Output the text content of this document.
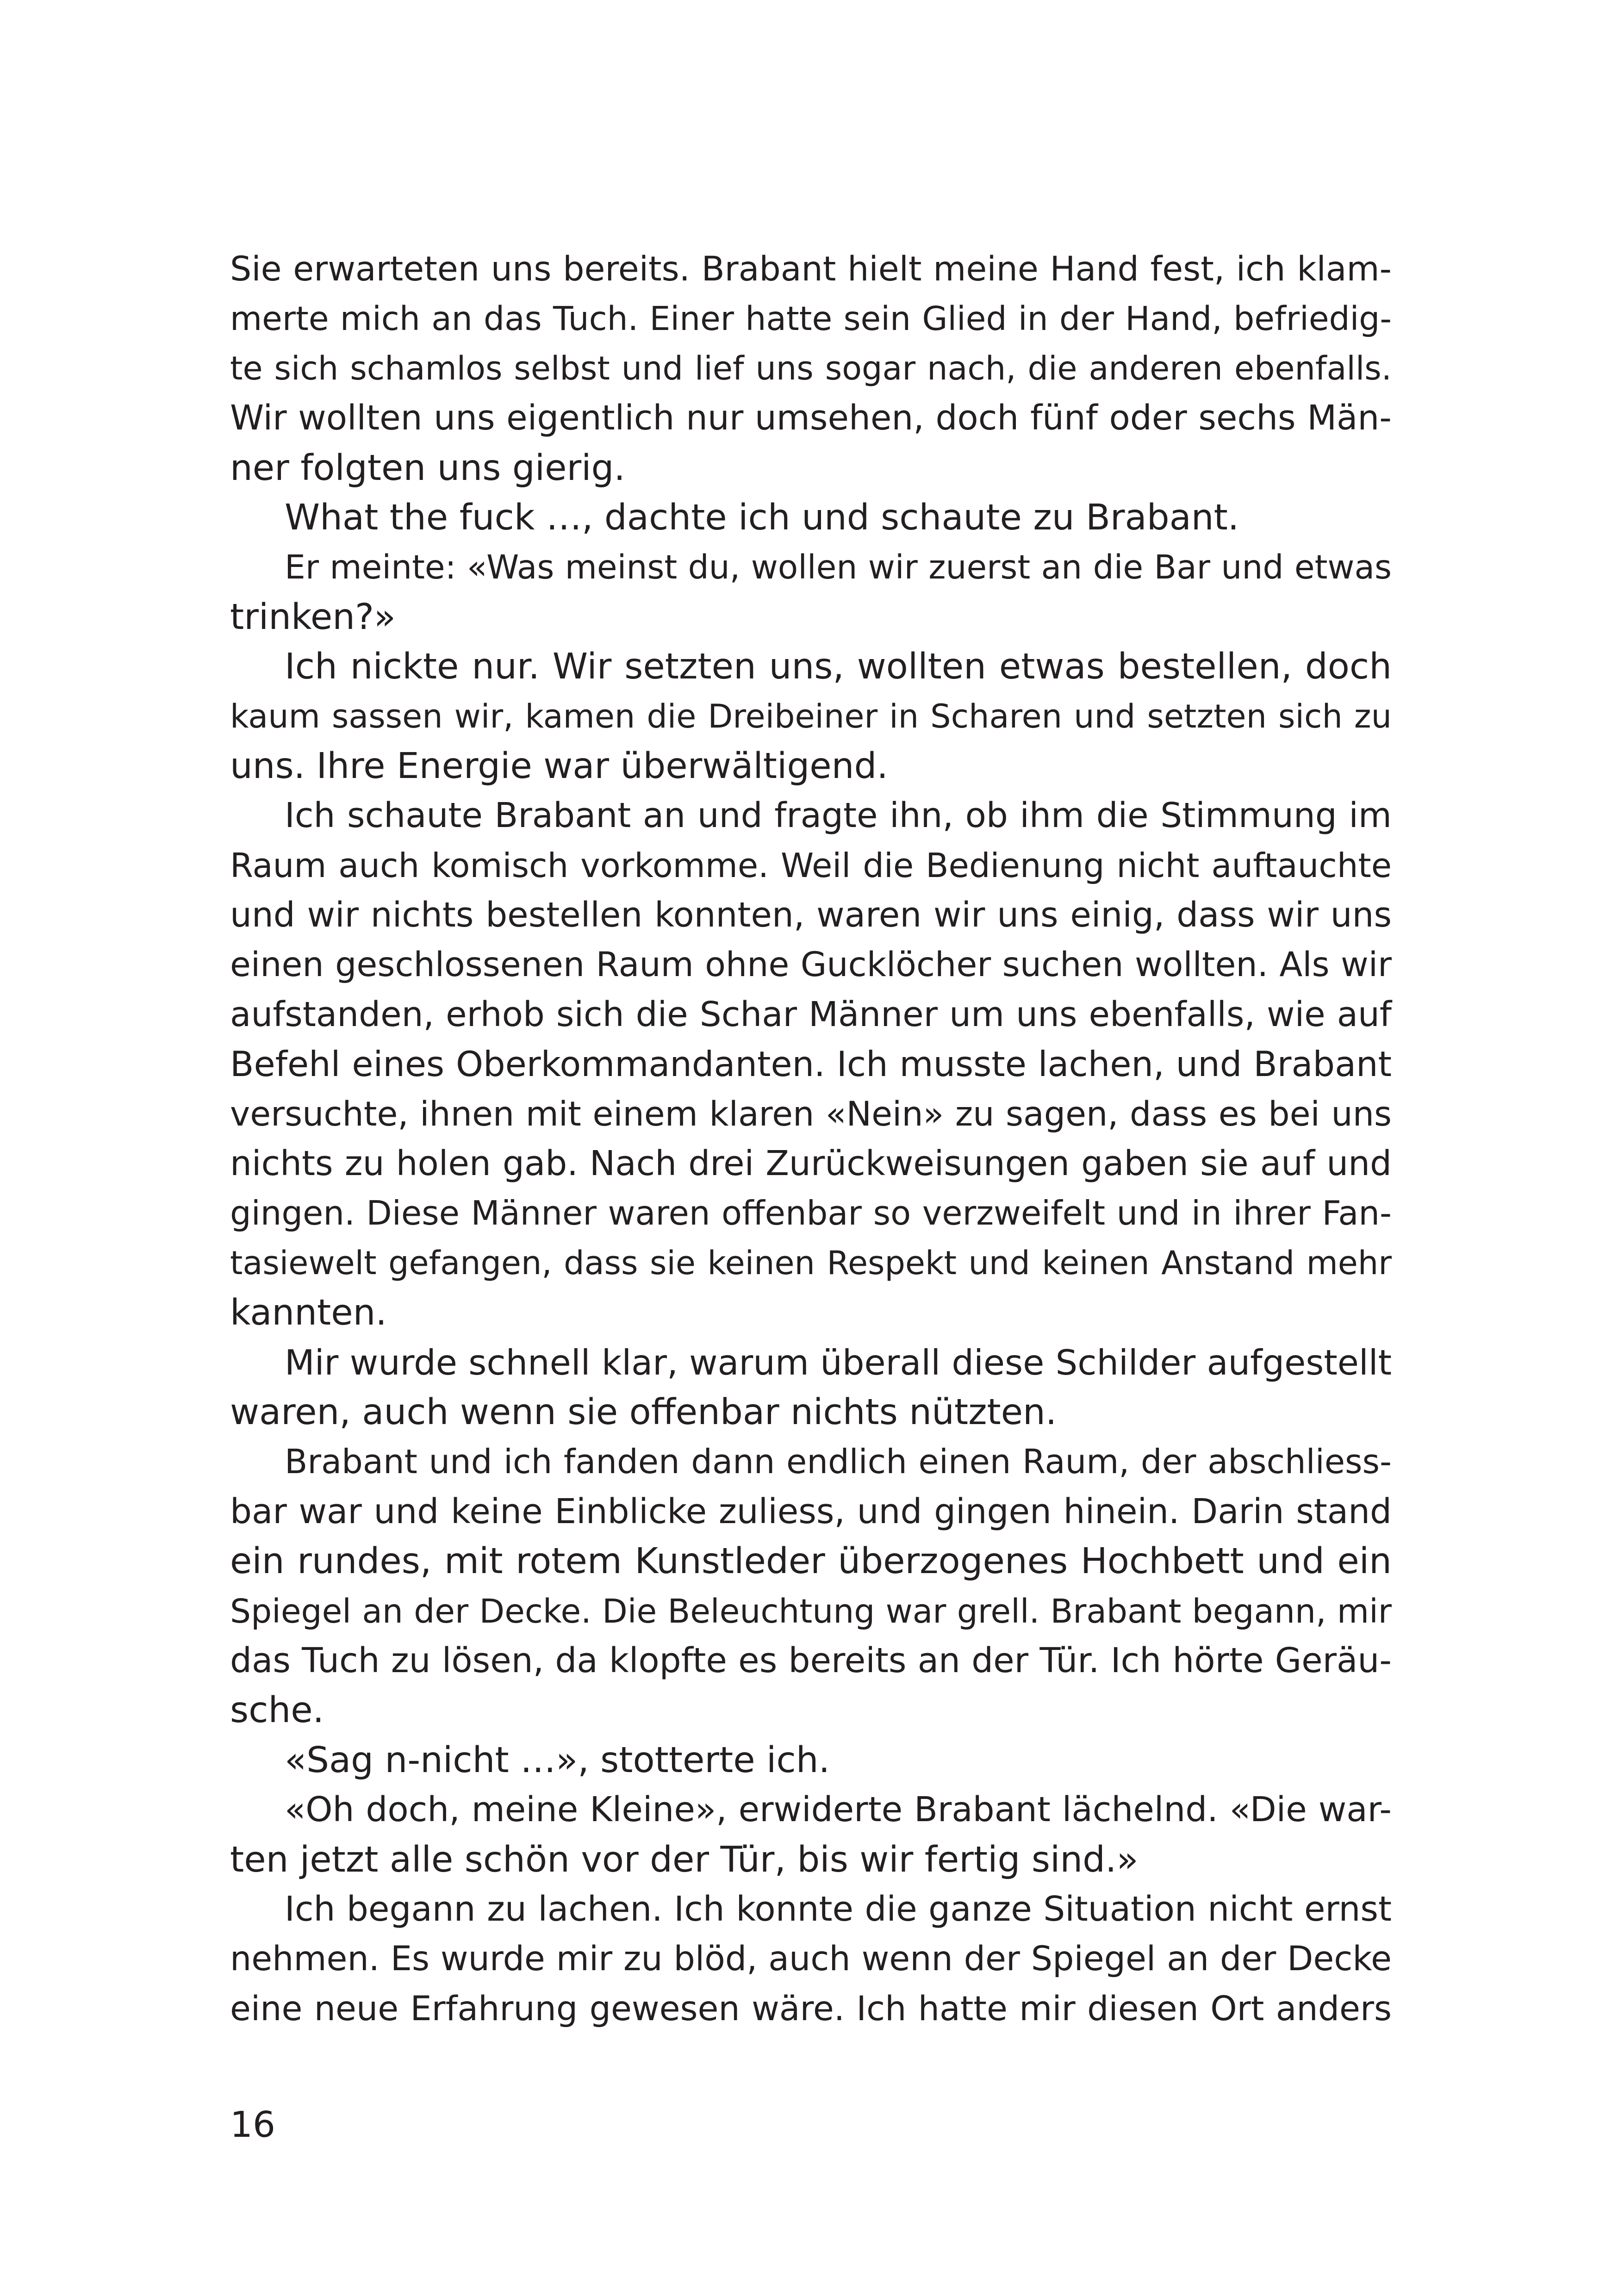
Sie erwarteten uns bereits. Brabant hielt meine Hand fest, ich klam-
merte mich an das Tuch. Einer hatte sein Glied in der Hand, befriedig-
te sich schamlos selbst und lief uns sogar nach, die anderen ebenfalls.
Wir wollten uns eigentlich nur umsehen, doch fünf oder sechs Män-
ner folgten uns gierig.
What the fuck …, dachte ich und schaute zu Brabant.
Er meinte: «Was meinst du, wollen wir zuerst an die Bar und etwas
trinken?»
Ich nickte nur. Wir setzten uns, wollten etwas bestellen, doch
kaum sassen wir, kamen die Dreibeiner in Scharen und setzten sich zu
uns. Ihre Energie war überwältigend.
Ich schaute Brabant an und fragte ihn, ob ihm die Stimmung im
Raum auch komisch vorkomme. Weil die Bedienung nicht auftauchte
und wir nichts bestellen konnten, waren wir uns einig, dass wir uns
einen geschlossenen Raum ohne Gucklöcher suchen wollten. Als wir
aufstanden, erhob sich die Schar Männer um uns ebenfalls, wie auf
Befehl eines Oberkommandanten. Ich musste lachen, und Brabant
versuchte, ihnen mit einem klaren «Nein» zu sagen, dass es bei uns
nichts zu holen gab. Nach drei Zurückweisungen gaben sie auf und
gingen. Diese Männer waren offenbar so verzweifelt und in ihrer Fan-
tasiewelt gefangen, dass sie keinen Respekt und keinen Anstand mehr
kannten.
Mir wurde schnell klar, warum überall diese Schilder aufgestellt
waren, auch wenn sie offenbar nichts nützten.
Brabant und ich fanden dann endlich einen Raum, der abschliess-
bar war und keine Einblicke zuliess, und gingen hinein. Darin stand
ein rundes, mit rotem Kunstleder überzogenes Hochbett und ein
Spiegel an der Decke. Die Beleuchtung war grell. Brabant begann, mir
das Tuch zu lösen, da klopfte es bereits an der Tür. Ich hörte Geräu-
sche.
«Sag n-nicht …», stotterte ich.
«Oh doch, meine Kleine», erwiderte Brabant lächelnd. «Die war-
ten jetzt alle schön vor der Tür, bis wir fertig sind.»
Ich begann zu lachen. Ich konnte die ganze Situation nicht ernst
nehmen. Es wurde mir zu blöd, auch wenn der Spiegel an der Decke
eine neue Erfahrung gewesen wäre. Ich hatte mir diesen Ort anders
16
